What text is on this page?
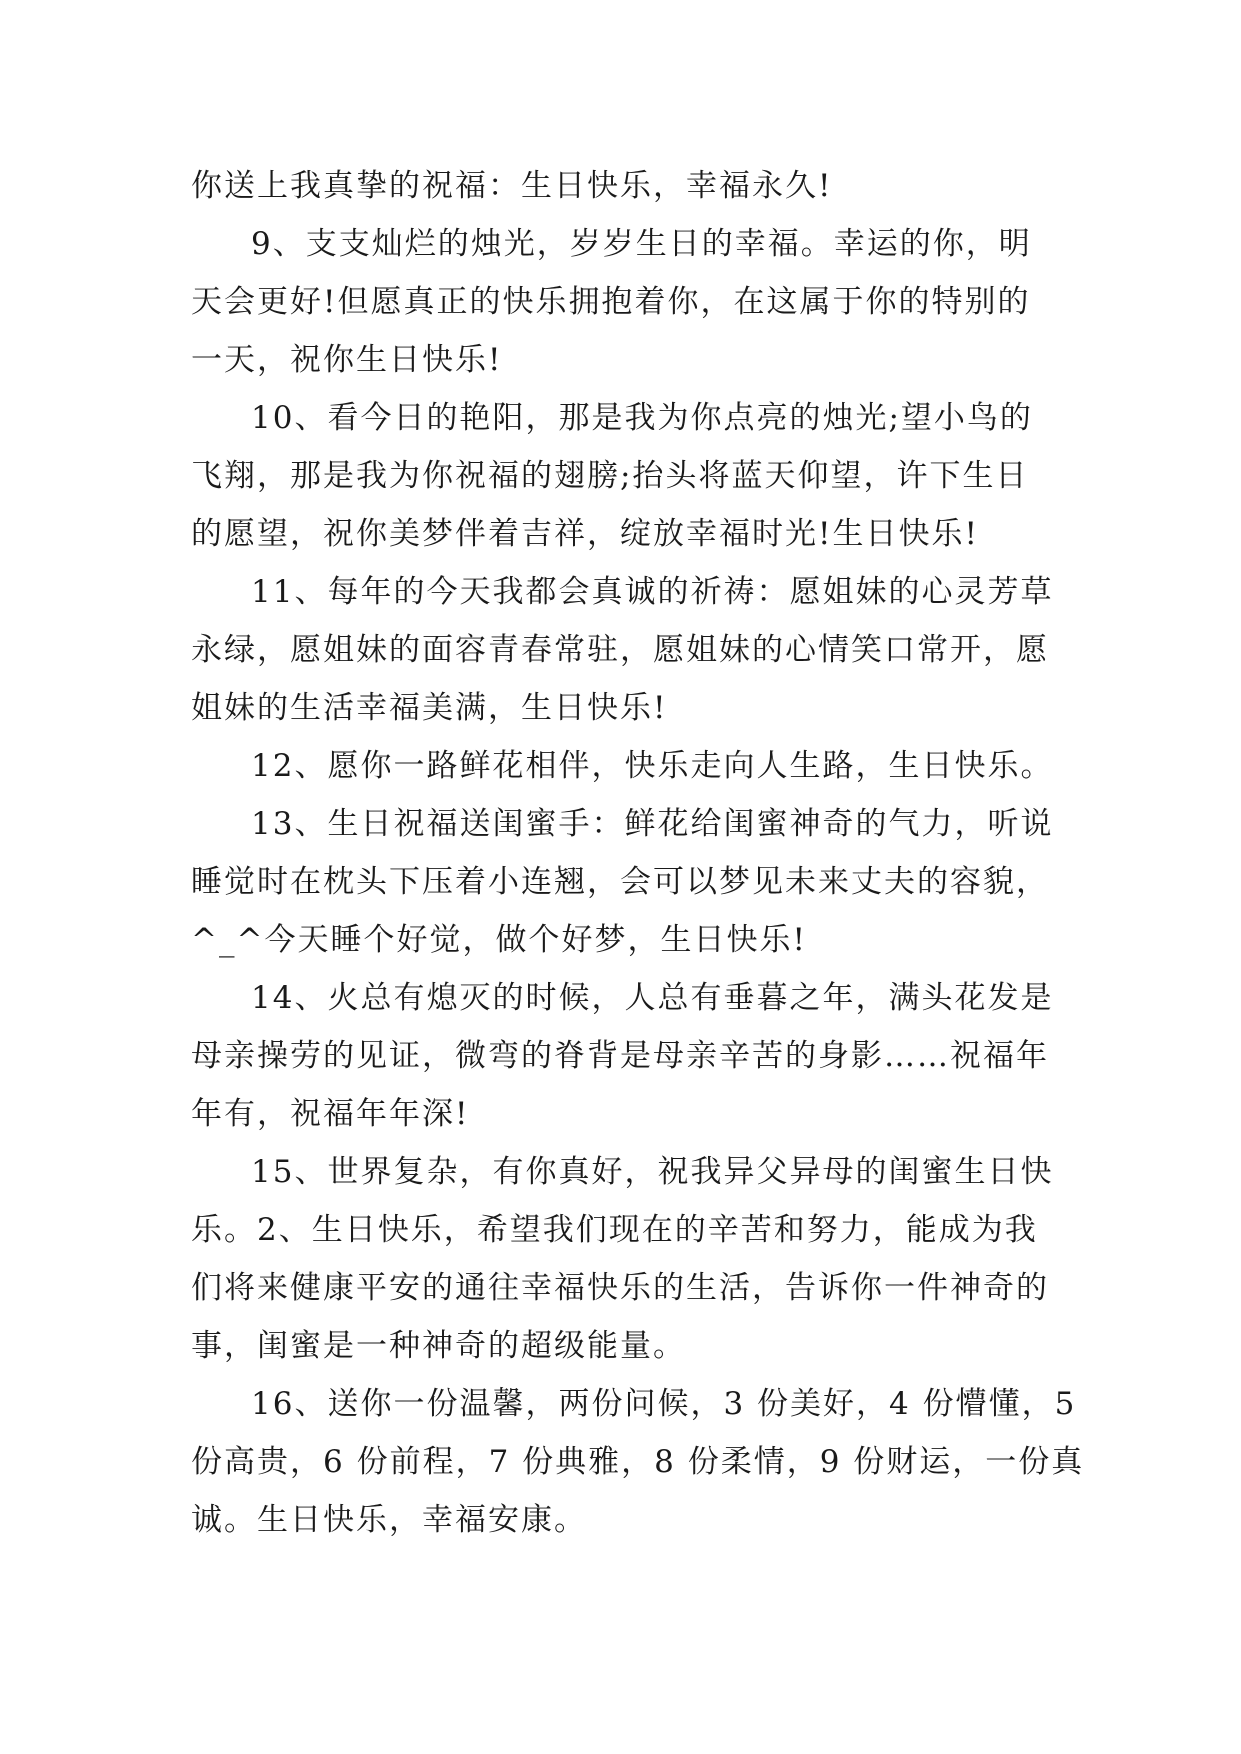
你送上我真挚的祝福：生日快乐，幸福永久!
9、支支灿烂的烛光，岁岁生日的幸福。幸运的你，明
天会更好!但愿真正的快乐拥抱着你，在这属于你的特别的
一天，祝你生日快乐!
10、看今日的艳阳，那是我为你点亮的烛光;望小鸟的
飞翔，那是我为你祝福的翅膀;抬头将蓝天仰望，许下生日
的愿望，祝你美梦伴着吉祥，绽放幸福时光!生日快乐!
11、每年的今天我都会真诚的祈祷：愿姐妹的心灵芳草
永绿，愿姐妹的面容青春常驻，愿姐妹的心情笑口常开，愿
姐妹的生活幸福美满，生日快乐!
12、愿你一路鲜花相伴，快乐走向人生路，生日快乐。
13、生日祝福送闺蜜手：鲜花给闺蜜神奇的气力，听说
睡觉时在枕头下压着小连翘，会可以梦见未来丈夫的容貌，
^_^今天睡个好觉，做个好梦，生日快乐!
14、火总有熄灭的时候，人总有垂暮之年，满头花发是
母亲操劳的见证，微弯的脊背是母亲辛苦的身影……祝福年
年有，祝福年年深!
15、世界复杂，有你真好，祝我异父异母的闺蜜生日快
乐。2、生日快乐，希望我们现在的辛苦和努力，能成为我
们将来健康平安的通往幸福快乐的生活，告诉你一件神奇的
事，闺蜜是一种神奇的超级能量。
16、送你一份温馨，两份问候，3 份美好，4 份懵懂，5
份高贵，6 份前程，7 份典雅，8 份柔情，9 份财运，一份真
诚。生日快乐，幸福安康。
